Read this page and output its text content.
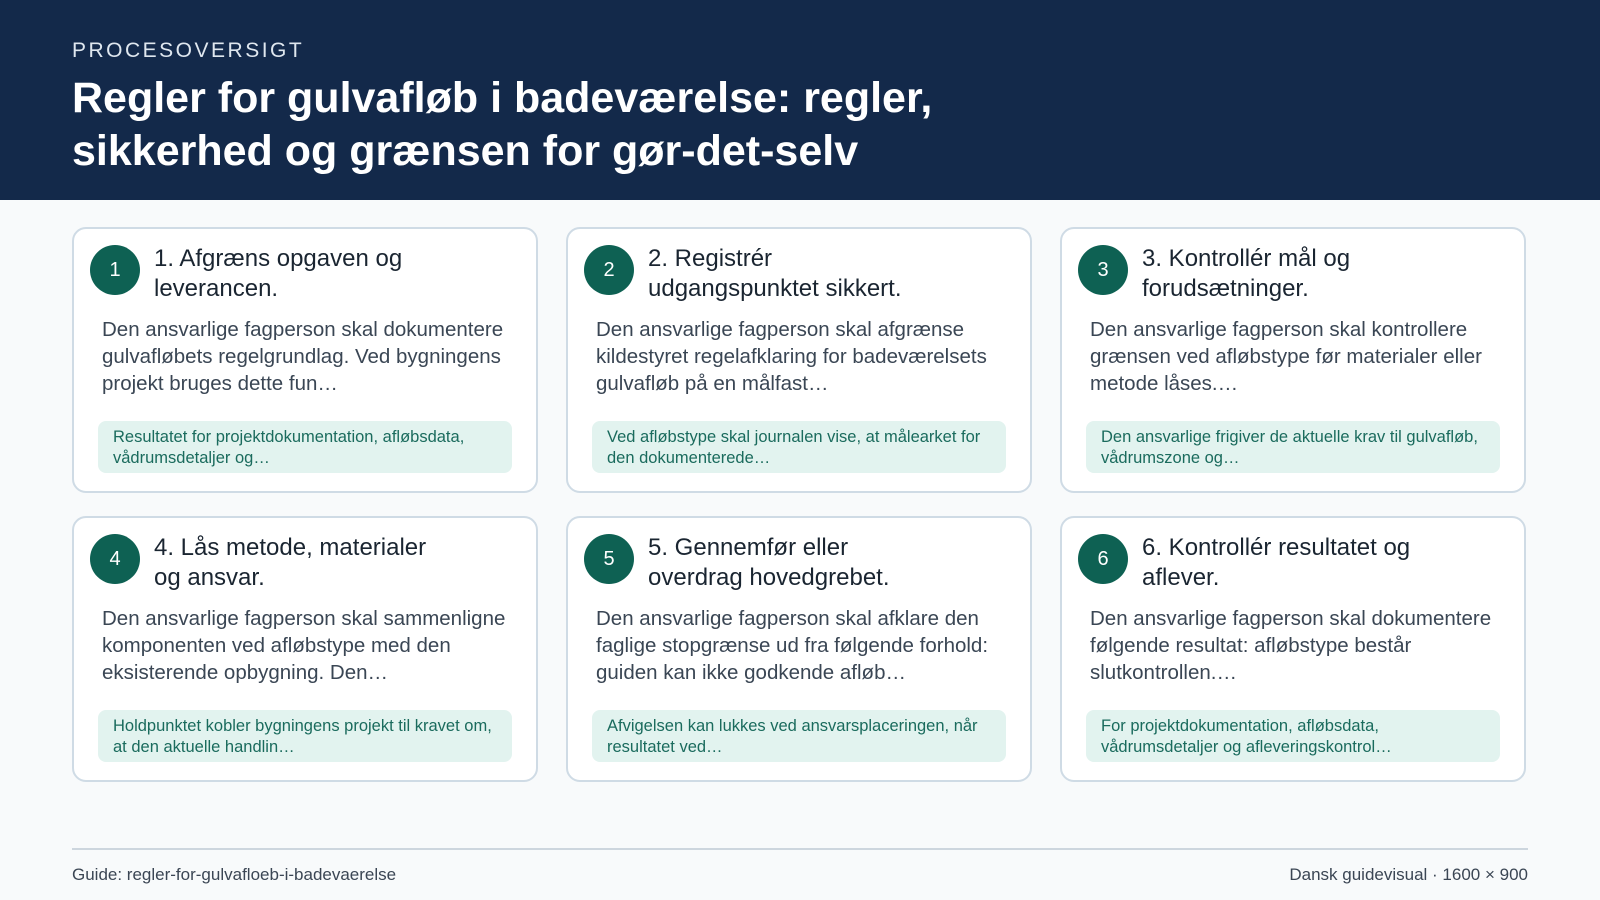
PROCESOVERSIGT
Regler for gulvafløb i badeværelse: regler, sikkerhed og grænsen for gør-det-selv
1	1. Afgræns opgaven og leverancen.
Den ansvarlige fagperson skal dokumentere gulvafløbets regelgrundlag. Ved bygningens projekt bruges dette fun…
Resultatet for projektdokumentation, afløbsdata, vådrumsdetaljer og…
2	2. Registrér udgangspunktet sikkert.
Den ansvarlige fagperson skal afgrænse kildestyret regelafklaring for badeværelsets gulvafløb på en målfast…
Ved afløbstype skal journalen vise, at målearket for den dokumenterede…
3	3. Kontrollér mål og forudsætninger.
Den ansvarlige fagperson skal kontrollere grænsen ved afløbstype før materialer eller metode låses.…
Den ansvarlige frigiver de aktuelle krav til gulvafløb, vådrumszone og…
4	4. Lås metode, materialer og ansvar.
Den ansvarlige fagperson skal sammenligne komponenten ved afløbstype med den eksisterende opbygning. Den…
Holdpunktet kobler bygningens projekt til kravet om, at den aktuelle handlin…
5	5. Gennemfør eller overdrag hovedgrebet.
Den ansvarlige fagperson skal afklare den faglige stopgrænse ud fra følgende forhold: guiden kan ikke godkende afløb…
Afvigelsen kan lukkes ved ansvarsplaceringen, når resultatet ved…
6	6. Kontrollér resultatet og aflever.
Den ansvarlige fagperson skal dokumentere følgende resultat: afløbstype består slutkontrollen.…
For projektdokumentation, afløbsdata, vådrumsdetaljer og afleveringskontrol…
Guide: regler-for-gulvafloeb-i-badevaerelse	Dansk guidevisual · 1600 × 900
